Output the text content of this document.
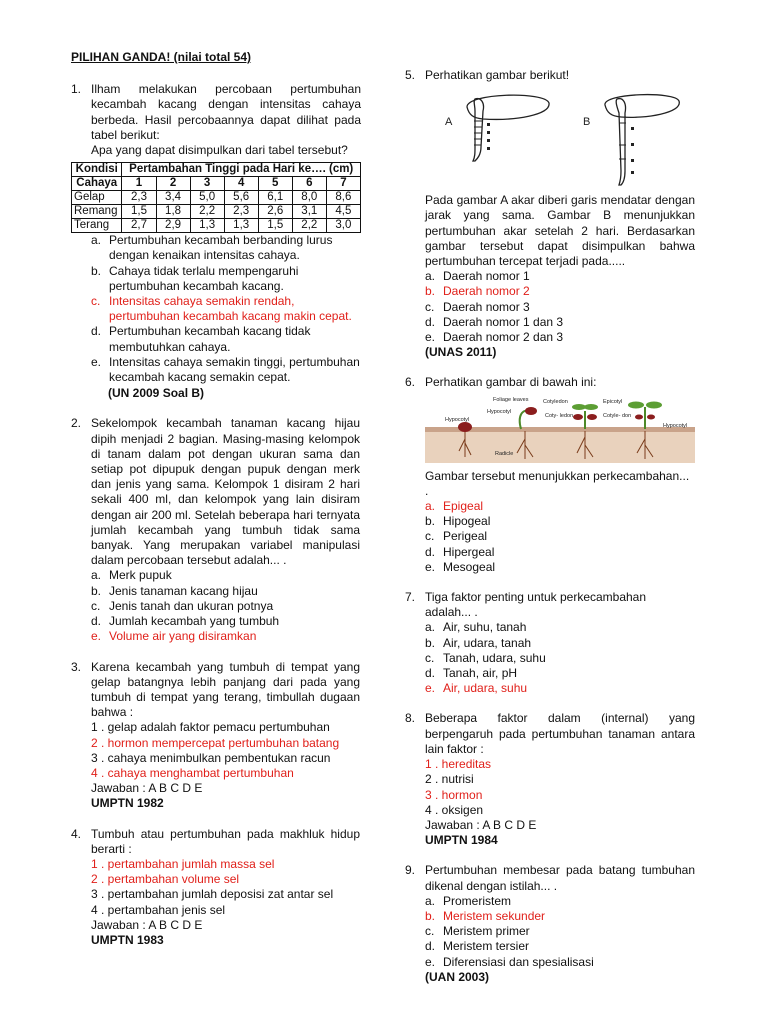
PILIHAN GANDA! (nilai total 54)
1. Ilham melakukan percobaan pertumbuhan kecambah kacang dengan intensitas cahaya berbeda. Hasil percobaannya dapat dilihat pada tabel berikut:
Apa yang dapat disimpulkan dari tabel tersebut?
Kondisi	Pertambahan Tinggi pada Hari ke…. (cm)						
Cahaya	1	2	3	4	5	6	7
Gelap	2,3	3,4	5,0	5,6	6,1	8,0	8,6
Remang	1,5	1,8	2,2	2,3	2,6	3,1	4,5
Terang	2,7	2,9	1,3	1,3	1,5	2,2	3,0
a. Pertumbuhan kecambah berbanding lurus dengan kenaikan intensitas cahaya.
b. Cahaya tidak terlalu mempengaruhi pertumbuhan kecambah kacang.
c. Intensitas cahaya semakin rendah, pertumbuhan kecambah kacang makin cepat.
d. Pertumbuhan kecambah kacang tidak membutuhkan cahaya.
e. Intensitas cahaya semakin tinggi, pertumbuhan kecambah kacang semakin cepat.
(UN 2009 Soal B)
2. Sekelompok kecambah tanaman kacang hijau dipih menjadi 2 bagian. Masing-masing kelompok di tanam dalam pot dengan ukuran sama dan setiap pot dipupuk dengan pupuk dengan merk dan jenis yang sama. Kelompok 1 disiram 2 hari sekali 400 ml, dan kelompok yang lain disiram dengan air 200 ml. Setelah beberapa hari ternyata jumlah kecambah yang tumbuh tidak sama banyak. Yang merupakan variabel manipulasi dalam percobaan tersebut adalah... .
a. Merk pupuk
b. Jenis tanaman kacang hijau
c. Jenis tanah dan ukuran potnya
d. Jumlah kecambah yang tumbuh
e. Volume air yang disiramkan
3. Karena kecambah yang tumbuh di tempat yang gelap batangnya lebih panjang dari pada yang tumbuh di tempat yang terang, timbullah dugaan bahwa :
1 . gelap adalah faktor pemacu pertumbuhan
2 . hormon mempercepat pertumbuhan batang
3 . cahaya menimbulkan pembentukan racun
4 . cahaya menghambat pertumbuhan
Jawaban : A B C D E
UMPTN 1982
4. Tumbuh atau pertumbuhan pada makhluk hidup berarti :
1 . pertambahan jumlah massa sel
2 . pertambahan volume sel
3 . pertambahan jumlah deposisi zat antar sel
4 . pertambahan jenis sel
Jawaban : A B C D E
UMPTN 1983
5. Perhatikan gambar berikut!
A	B
Pada gambar A akar diberi garis mendatar dengan jarak yang sama. Gambar B menunjukkan pertumbuhan akar setelah 2 hari. Berdasarkan gambar tersebut dapat disimpulkan bahwa pertumbuhan tercepat terjadi pada.....
a. Daerah nomor 1
b. Daerah nomor 2
c. Daerah nomor 3
d. Daerah nomor 1 dan 3
e. Daerah nomor 2 dan 3
(UNAS 2011)
6. Perhatikan gambar di bawah ini:
Foliage leaves	Cotyledon	Epicotyl
Hypocotyl
Hypocotyl
Coty- ledon	Cotyle- don
Hypocotyl
Radicle
Gambar tersebut menunjukkan perkecambahan... .
a. Epigeal
b. Hipogeal
c. Perigeal
d. Hipergeal
e. Mesogeal
7. Tiga faktor penting untuk perkecambahan adalah... .
a. Air, suhu, tanah
b. Air, udara, tanah
c. Tanah, udara, suhu
d. Tanah, air, pH
e. Air, udara, suhu
8. Beberapa faktor dalam (internal) yang berpengaruh pada pertumbuhan tanaman antara lain faktor :
1 . hereditas
2 . nutrisi
3 . hormon
4 . oksigen
Jawaban : A B C D E
UMPTN 1984
9. Pertumbuhan membesar pada batang tumbuhan dikenal dengan istilah... .
a. Promeristem
b. Meristem sekunder
c. Meristem primer
d. Meristem tersier
e. Diferensiasi dan spesialisasi
(UAN 2003)
